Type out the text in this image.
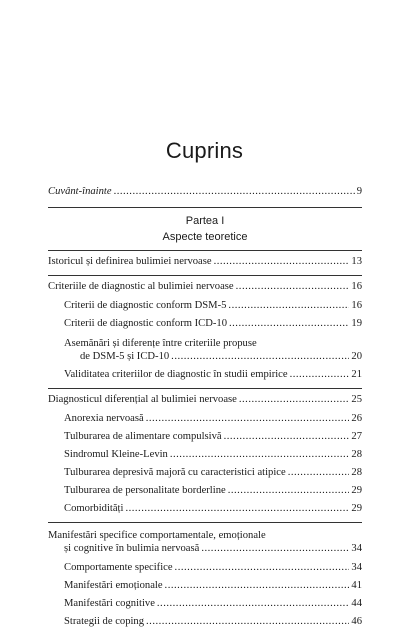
Cuprins
Cuvânt-înainte .....	9
Partea I
Aspecte teoretice
Istoricul și definirea bulimiei nervoase .....	13
Criteriile de diagnostic al bulimiei nervoase .....	16
Criterii de diagnostic conform DSM-5 .....	16
Criterii de diagnostic conform ICD-10 .....	19
Asemănări și diferențe între criteriile propuse
de DSM-5 și ICD-10 .....	20
Validitatea criteriilor de diagnostic în studii empirice .....	21
Diagnosticul diferențial al bulimiei nervoase .....	25
Anorexia nervoasă .....	26
Tulburarea de alimentare compulsivă .....	27
Sindromul Kleine-Levin .....	28
Tulburarea depresivă majoră cu caracteristici atipice .....	28
Tulburarea de personalitate borderline .....	29
Comorbidități .....	29
Manifestări specifice comportamentale, emoționale
și cognitive în bulimia nervoasă .....	34
Comportamente specifice .....	34
Manifestări emoționale .....	41
Manifestări cognitive .....	44
Strategii de coping .....	46
